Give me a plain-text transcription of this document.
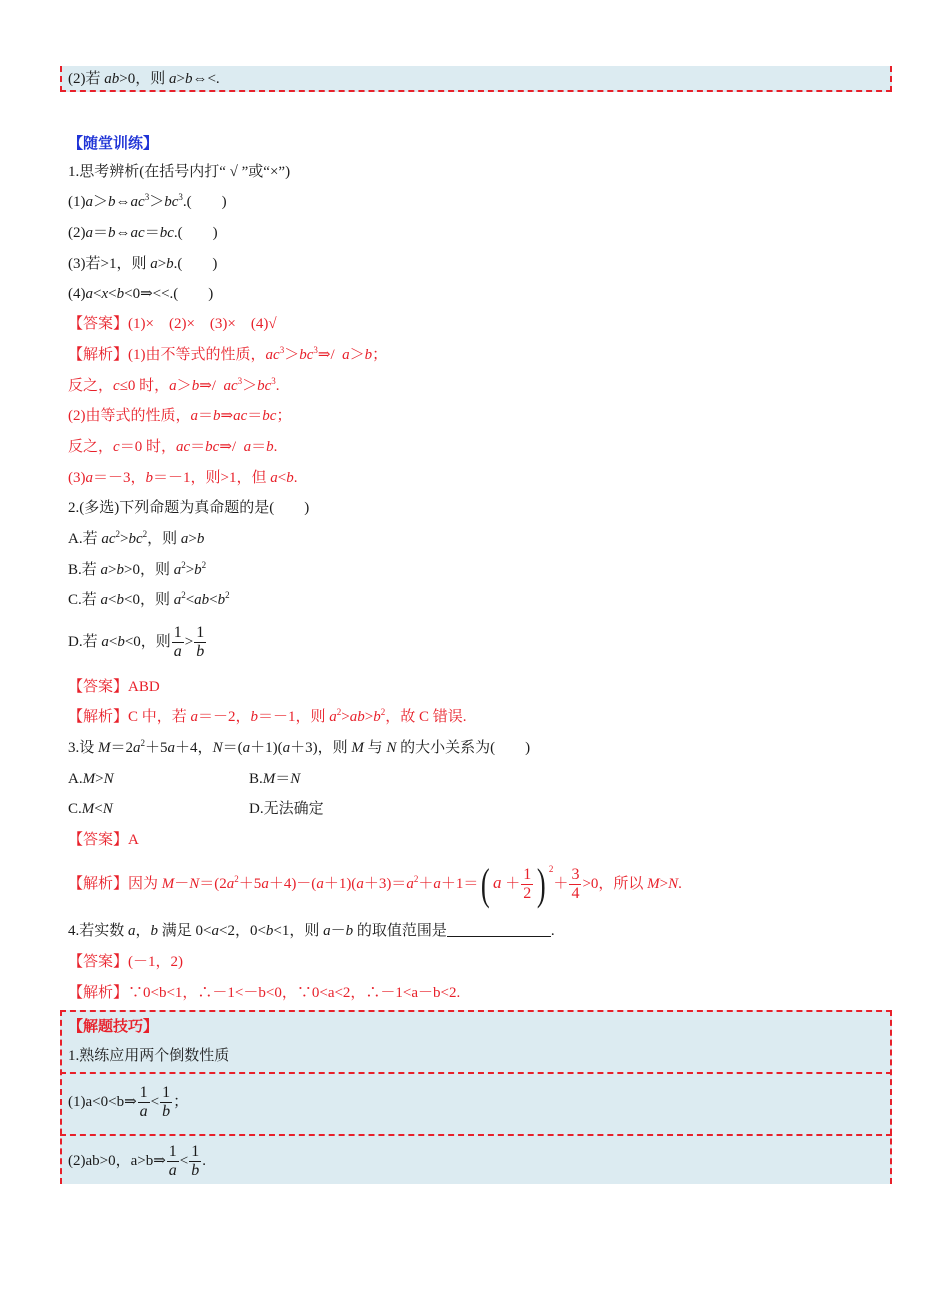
(2)若 ab>0，则 a>b⇔<.
【随堂训练】
1.思考辨析(在括号内打“ √ ”或“×”)
$(1)a>b\Leftrightarrow ac^3>bc^3$.(　　)
(2)a＝b⇔ac＝bc.(　　)
(3)若>1，则 a>b.(　　)
(4)a<x<b<0⇒<<.(　　)
【答案】(1)×　(2)×　(3)×　(4)√
【解析】(1)由不等式的性质，$ac^3>bc^3\Rightarrow/$  a＞b；
反之，c≤0 时，a＞b⇒/  $ac^3>bc^3$.
(2)由等式的性质，a＝b⇒ac＝bc；
反之，c＝0 时，ac＝bc⇒/  a＝b.
(3)a＝－3，b＝－1，则>1，但 a<b.
2.(多选)下列命题为真命题的是(　　)
A.若 $ac^2>bc^2$，则 a>b
B.若 a>b>0，则 $a^2>b^2$
C.若 a<b<0，则 $a^2<ab<b^2$
D.若 a<b<0，则 $\frac{1}{a} > \frac{1}{b}$
【答案】ABD
【解析】C 中，若 a＝－2，b＝－1，则 $a^2>ab>b^2$，故 C 错误.
3.设 $M=2a^2+5a+4$，N＝(a＋1)(a＋3)，则 M 与 N 的大小关系为(　　)
A.M>N	B.M＝N
C.M<N	D.无法确定
【答案】A
【解析】因为 $M-N=(2a^2+5a+4)-(a+1)(a+3)=a^2+a+1=$( $a + \frac{1}{2}$ ) $^2+ \frac{3}{4} >0$，所以 M>N.
4.若实数 a，b 满足 0<a<2，0<b<1，则 a－b 的取值范围是	.
【答案】(－1，2)
【解析】∵0<b<1，∴－1<－b<0，∵0<a<2，∴－1<a－b<2.
【解题技巧】
1.熟练应用两个倒数性质
(1)a<0<b⇒ $\frac{1}{a} < \frac{1}{b}$ ；
(2)ab>0，a>b⇒ $\frac{1}{a} < \frac{1}{b}$ .
